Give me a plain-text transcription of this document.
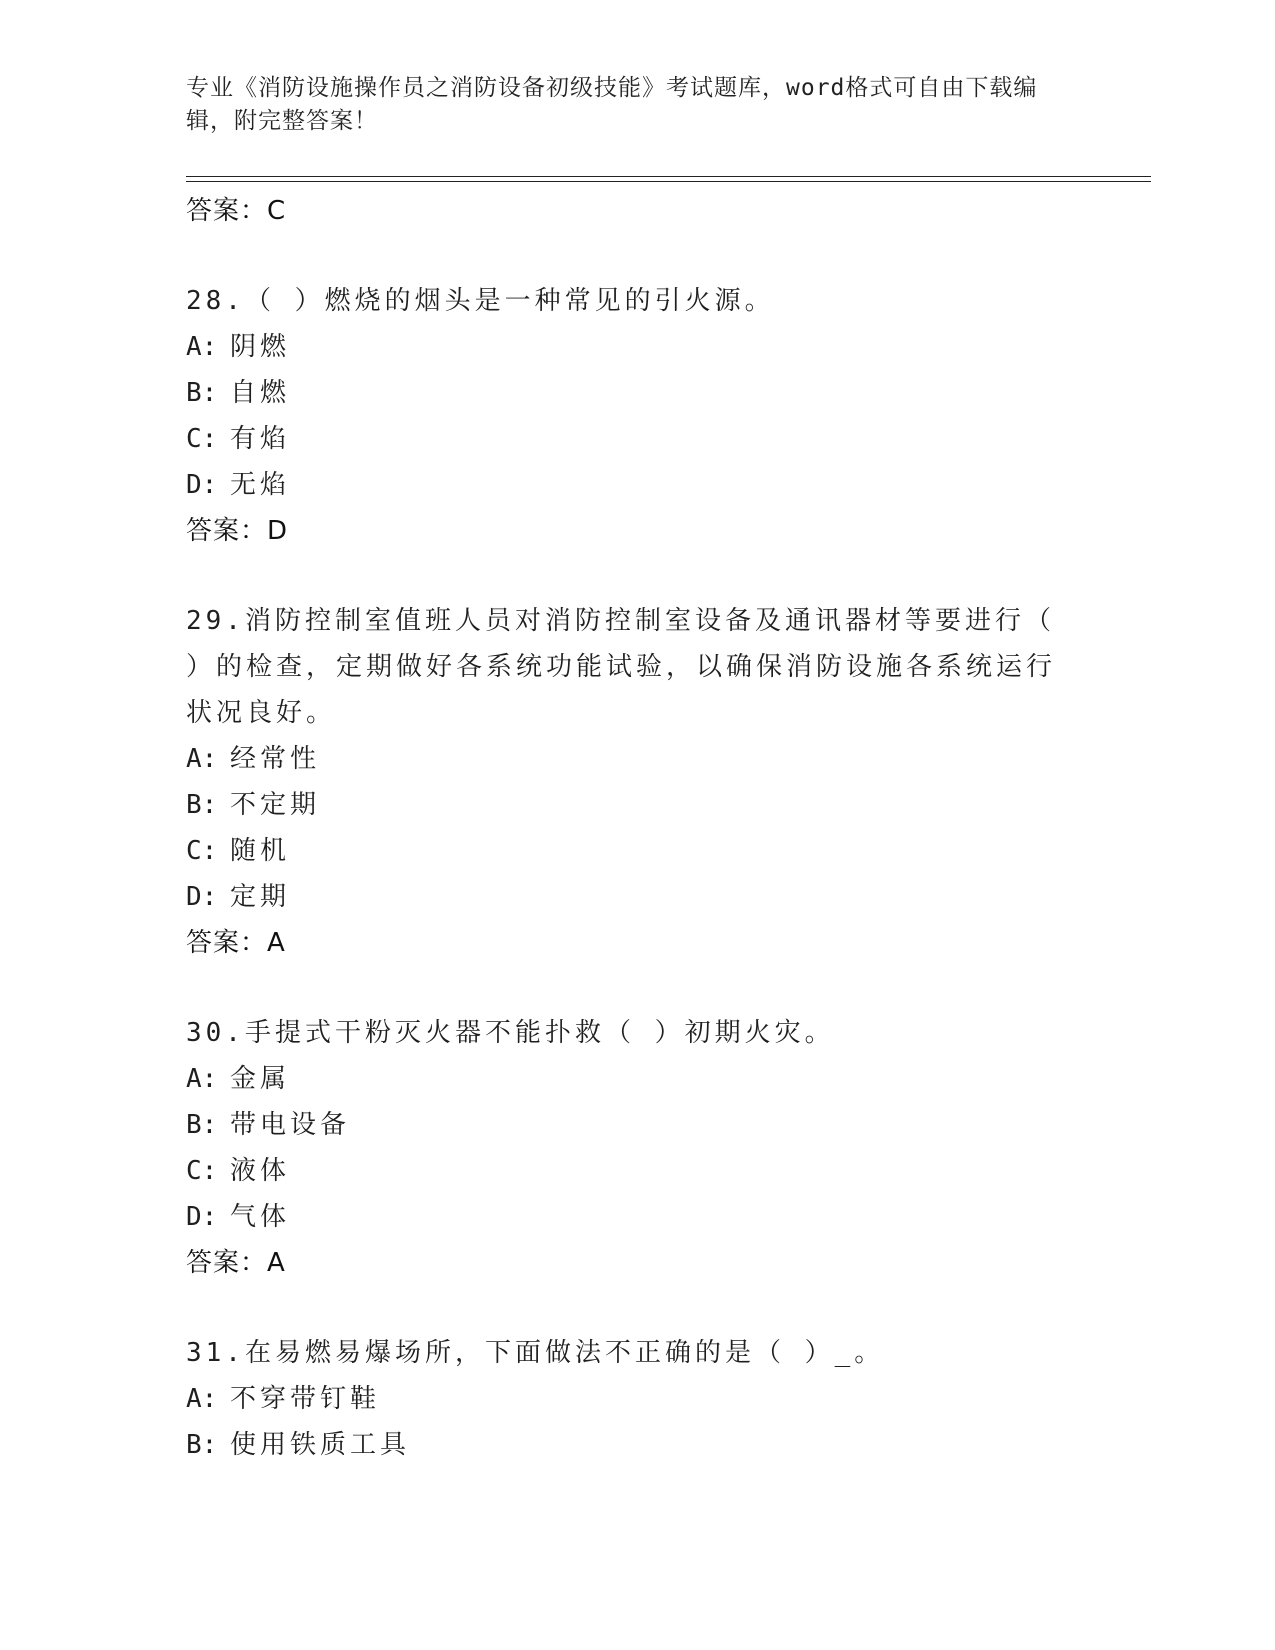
专业《消防设施操作员之消防设备初级技能》考试题库，word格式可自由下载编辑，附完整答案！
答案：C
28.（ ）燃烧的烟头是一种常见的引火源。
A: 阴燃
B: 自燃
C: 有焰
D: 无焰
答案：D
29.消防控制室值班人员对消防控制室设备及通讯器材等要进行（ ）的检查，定期做好各系统功能试验，以确保消防设施各系统运行状况良好。
A: 经常性
B: 不定期
C: 随机
D: 定期
答案：A
30.手提式干粉灭火器不能扑救（ ）初期火灾。
A: 金属
B: 带电设备
C: 液体
D: 气体
答案：A
31.在易燃易爆场所，下面做法不正确的是（ ）_。
A: 不穿带钉鞋
B: 使用铁质工具
